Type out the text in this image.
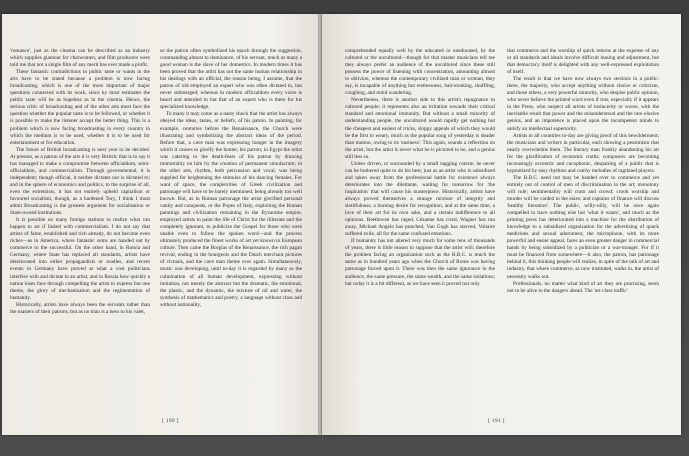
'romance', just as the cinema can be described as an industry which supplies glamour for charwomen, and film producers were told me that not a single film of any merit has ever made a profit.

These fantastic contradictions in public taste or wants in the arts have to be stated because a problem is now facing broadcasting, which is one of the most important of major questions connected with its work, since by most estimates the public taste will be as hopeless as in the cinema. Hence, the serious critic of broadcasting and of the other arts must face the question whether the popular taste is to be followed, or whether it is possible to make the listener accept the better thing. This is a problem which is now facing broadcasting in every country in which the medium is to be used, whether it is to be used for entertainment or for education.

The future of British broadcasting is next year to be decided. At present, as a patron of the arts it is very British; that is to say it has managed to make a compromise between officialdom, semi-officialdom, and commercialism. Through governmental, it is independent; though official, it neither dictates nor is dictated to; and in the sphere of economics and politics, to the surprise of all, even the extremists, it has not entirely upheld capitalism or favoured socialism, though, as a hardened Tory, I think I must admit Broadcasting is the greatest argument for socialisation or State-owned institutions.

It is possible on many foreign stations to realize what can happen to art if linked with commercialism. I do not say that artists of fame, established and rich already, do not become even richer—as in America, where fantastic sums are handed out by commerce to the successful. On the other hand, in Russia and Germany, where State has replaced all standards, artists have deteriorated into either propagandists or toadies, and recent events in Germany have proved at what a cost politicians interfere with and dictate to an artist, and in Russia how quickly a nation loses face through compelling the artist to express but one theme, the glory of mechanization and the regimentation of humanity.

Historically, artists have always been the servants rather than the masters of their patrons, but as no man is a hero to his valet,

so the patron often symbolized his epoch through the suggestion, commanding almost to dominance, of his servant, much as many a good woman is the slave of her domestics. In modern times it has been proved that the artist has not the same human relationship in his dealings with an official, the reason being, I assume, that the patron of old employed an expert who was often dictated to, but never submerged; whereas in modern officialdom every voice is heard and attended to but that of an expert who is there for his specialized knowledge.

To many it may come as a nasty shock that the artist has always obeyed the ideas, tastes, or beliefs, of his patron. In painting, for example, centuries before the Renaissance, the Church were illustrating and symbolizing the abstract ideas of the period. Before that, a cave man was expressing hunger in the imagery which it causes to glorify the hunter, his patron; in Egypt the artist was catering to the death-fears of his patron by drawing immortality on him by the creation of permanent simulacrum; in the other arts, rhythm, both percussion and vocal, was being supplied for heightening the stimulus of his dancing females. For want of space, the complexities of Greek civilization and patronage will have to be barely mentioned, being already too well known. But, as in Roman patronage the artist glorified personal vanity and conquests, or the Popes of Italy, exploiting the Roman paintings and civilization remaining in the Byzantine empire, employed artists to paint the life of Christ for the illiterate and the completely ignorant, to publicize the Gospel for those who were unable even to follow the spoken word—and the process ultimately produced the finest works of art yet known to European culture. Then came the Borgias of the Renaissance, the rich pagan revival, ending in the bourgeois and the Dutch merchant pictures of victuals, and the cave man theme over again. Simultaneously, music was developing, until to-day it is regarded by many as the culmination of all human development, expressing without imitation, not merely the abstract but the dramatic, the emotional, the plastic, and the dynamic, the mixture of oil and water, the synthesis of mathematics and poetry, a language without class and without nationality,

[ 190 ]

comprehended equally well by the educated or uneducated, by the cultured or the uncultured—though for that master musicians tell me they always prefer an audience of the uncultured since these still possess the power of listening with concentration, amounting almost to oblivion, whereas the contemporary civilized man or woman, they say, is incapable of anything but restlessness, hair-stroking, shuffling, coughing, and mind wandering.

Nevertheless, there is another side to this artist's repugnance to cultured people; it represents also an irritation towards their critical standard and emotional immunity. But without a small minority of understanding people, the uncultured would rapidly get nothing but the cheapest and easiest of tricks, sloppy appeals of which they would be the first to weary, much as the popular song of yesterday is deader than mutton, owing to its 'easiness'. This again, sounds a reflection on the artist, but the artist is never what he is pictured to be, and a genius still less so.

Unless driven, or surrounded by a small nagging coterie, he never can be bothered quite to do his best; just as an artist who is subsidized and taken away from the professional battle for existence always deteriorates into the dilettante, waiting for tomorrow for 'the inspiration' that will cause his masterpiece. Historically, artists have always proved themselves a strange mixture of integrity and slothfulness; a burning desire for recognition, and at the same time, a love of their art for its own sake, and a certain indifference to all opinions. Beethoven has raged, Cézanne has cried, Wagner has run away, Michael Angelo has punched, Van Gogh has starved, Voltaire suffered exile, all for the same confused emotions.

If humanity has not altered very much for some tens of thousands of years, there is little reason to suppose that the artist will; therefore the problem facing an organization such as the B.B.C. is much the same as in hundred years ago when the Church of Rome was having patronage forced upon it. There was then the same ignorance in the audience, the same pressure, the same wealth, and the same isolations; but today it is a bit different, as we have seen it proved not only

that commerce and the worship of quick returns at the expense of any or all standards and ideals involve difficult leasing and adjustment, but that democracy itself is delighted with any well-expressed exploitation of itself.

The result is that we have now always two sections in a public: there, the majority, who accept anything without choice or criticism, and those others, a very powerful minority, who despise public opinion, who never believe the printed word even if true, especially if it appears in the Press, who suspect all artists of insincerity or worse, with the inevitable result that power and the misunderstood and the rare elusive genius, and an impotence is placed upon the incompetent minds to satisfy an intellectual superiority.

Artists in all countries to-day are giving proof of this bewilderment; the musicians and writers in particular, each showing a pessimism that nearly overwhelms them. The literary man frankly abandoning his art for the glorification of economic truths; composers are becoming increasingly eccentric and cacophonic, despairing of a public that is hypnotized by easy rhythms and catchy melodies of ragtimed players.

The B.B.C. need not may be handed over to commerce and yet entirely out of control of men of discrimination in the art; monotony will rule; sentimentality will cram and crowd; crook worship and murder will be carded to the skies; and captains of finance will discuss 'healthy literature'. The public, willy-nilly, will be once again compelled to have nothing else but 'what it wants', and much as the printing press has deteriorated into a machine for the distribution of knowledge to a subsidized organization for the advertising of quack medicines and sexual adornment, the microphone, with its more powerful and easier appeal, faces an even greater danger in commercial hands by being subsidized by a politician or a war-monger. For if it must be financed from somewhere—it also, the patron, has patronage behind it, this thinking people will realize, in spite of the talk of art and industry, that where commerce, as now instituted, walks in, the artist of necessity walks out.

Professionals, no matter what kind of art they are practising, seem not to be alive to the dangers ahead. The 'art-class traffic'

[ 191 ]
